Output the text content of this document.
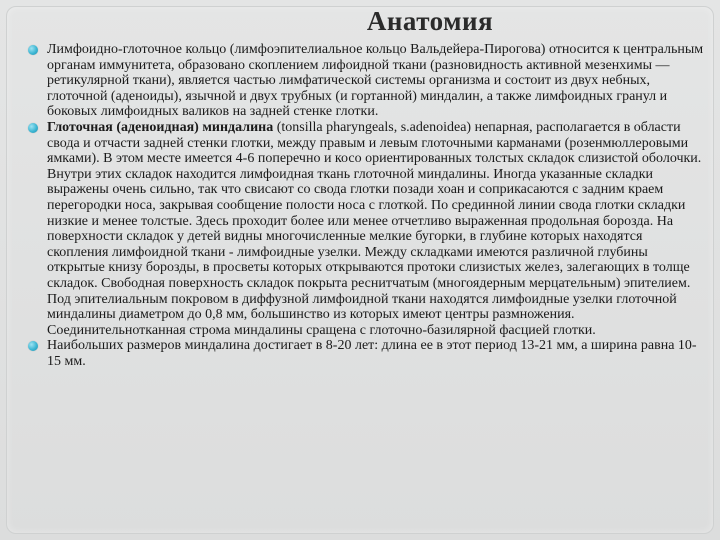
Анатомия
Лимфоидно-глоточное кольцо (лимфоэпителиальное кольцо Вальдейера-Пирогова) относится к центральным органам иммунитета, образовано скоплением лифоидной ткани (разновидность активной мезенхимы — ретикулярной ткани), является частью лимфатической системы организма и состоит из двух небных, глоточной (аденоиды), язычной и двух трубных (и гортанной) миндалин, а также лимфоидных гранул и боковых лимфоидных валиков на задней стенке глотки.
Глоточная (аденоидная) миндалина (tonsilla pharyngeals, s.adenoidea) непарная, располагается в области свода и отчасти задней стенки глотки, между правым и левым глоточными карманами (розенмюллеровыми ямками). В этом месте имеется 4-6 поперечно и косо ориентированных толстых складок слизистой оболочки. Внутри этих складок находится лимфоидная ткань глоточной миндалины. Иногда указанные складки выражены очень сильно, так что свисают со свода глотки позади хоан и соприкасаются с задним краем перегородки носа, закрывая сообщение полости носа с глоткой. По срединной линии свода глотки складки низкие и менее толстые. Здесь проходит более или менее отчетливо выраженная продольная борозда. На поверхности складок у детей видны многочисленные мелкие бугорки, в глубине которых находятся скопления лимфоидной ткани - лимфоидные узелки. Между складками имеются различной глубины открытые книзу борозды, в просветы которых открываются протоки слизистых желез, залегающих в толще складок. Свободная поверхность складок покрыта реснитчатым (многоядерным мерцательным) эпителием. Под эпителиальным покровом в диффузной лимфоидной ткани находятся лимфоидные узелки глоточной миндалины диаметром до 0,8 мм, большинство из которых имеют центры размножения. Соединительнотканная строма миндалины сращена с глоточно-базилярной фасцией глотки.
Наибольших размеров миндалина достигает в 8-20 лет: длина ее в этот период 13-21 мм, а ширина равна 10-15 мм.
